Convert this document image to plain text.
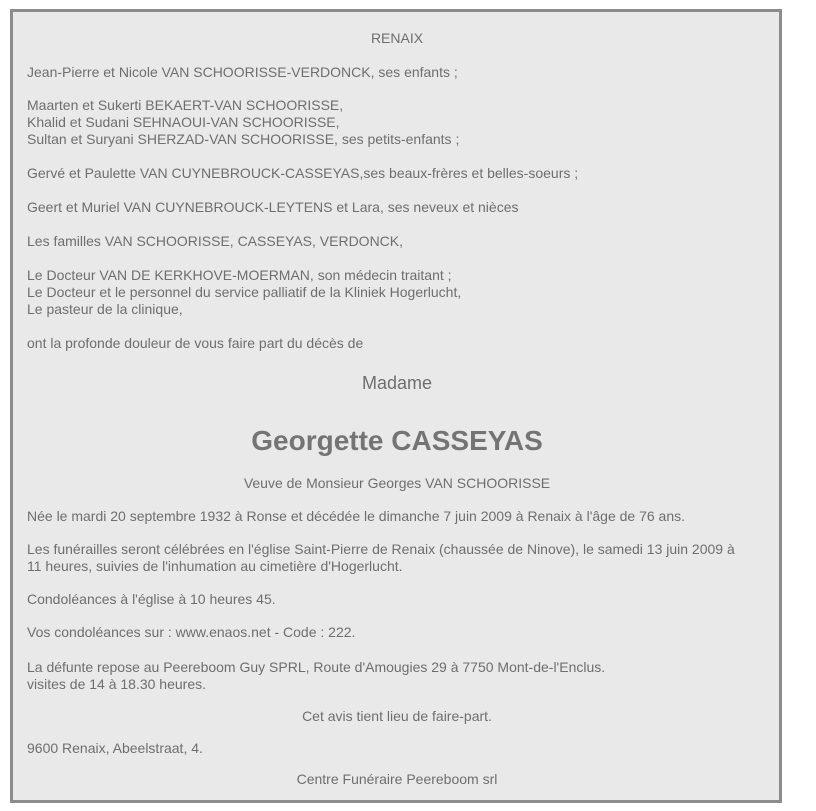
RENAIX
Jean-Pierre et Nicole VAN SCHOORISSE-VERDONCK, ses enfants ;
Maarten et Sukerti BEKAERT-VAN SCHOORISSE,
Khalid et Sudani SEHNAOUI-VAN SCHOORISSE,
Sultan et Suryani SHERZAD-VAN SCHOORISSE, ses petits-enfants ;
Gervé et Paulette VAN CUYNEBROUCK-CASSEYAS,ses beaux-frères et belles-soeurs ;
Geert et Muriel VAN CUYNEBROUCK-LEYTENS et Lara, ses neveux et nièces
Les familles VAN SCHOORISSE, CASSEYAS, VERDONCK,
Le Docteur VAN DE KERKHOVE-MOERMAN, son médecin traitant ;
Le Docteur et le personnel du service palliatif de la Kliniek Hogerlucht,
Le pasteur de la clinique,
ont la profonde douleur de vous faire part du décès de
Madame
Georgette CASSEYAS
Veuve de Monsieur Georges VAN SCHOORISSE
Née le mardi 20 septembre 1932 à Ronse et décédée le dimanche 7 juin 2009 à Renaix à l'âge de 76 ans.
Les funérailles seront célébrées en l'église Saint-Pierre de Renaix (chaussée de Ninove), le samedi 13 juin 2009 à
11 heures, suivies de l'inhumation au cimetière d'Hogerlucht.
Condoléances à l'église à 10 heures 45.
Vos condoléances sur : www.enaos.net - Code : 222.
La défunte repose au Peereboom Guy SPRL, Route d'Amougies 29 à 7750 Mont-de-l'Enclus.
visites de 14 à 18.30 heures.
Cet avis tient lieu de faire-part.
9600 Renaix, Abeelstraat, 4.
Centre Funéraire Peereboom srl
